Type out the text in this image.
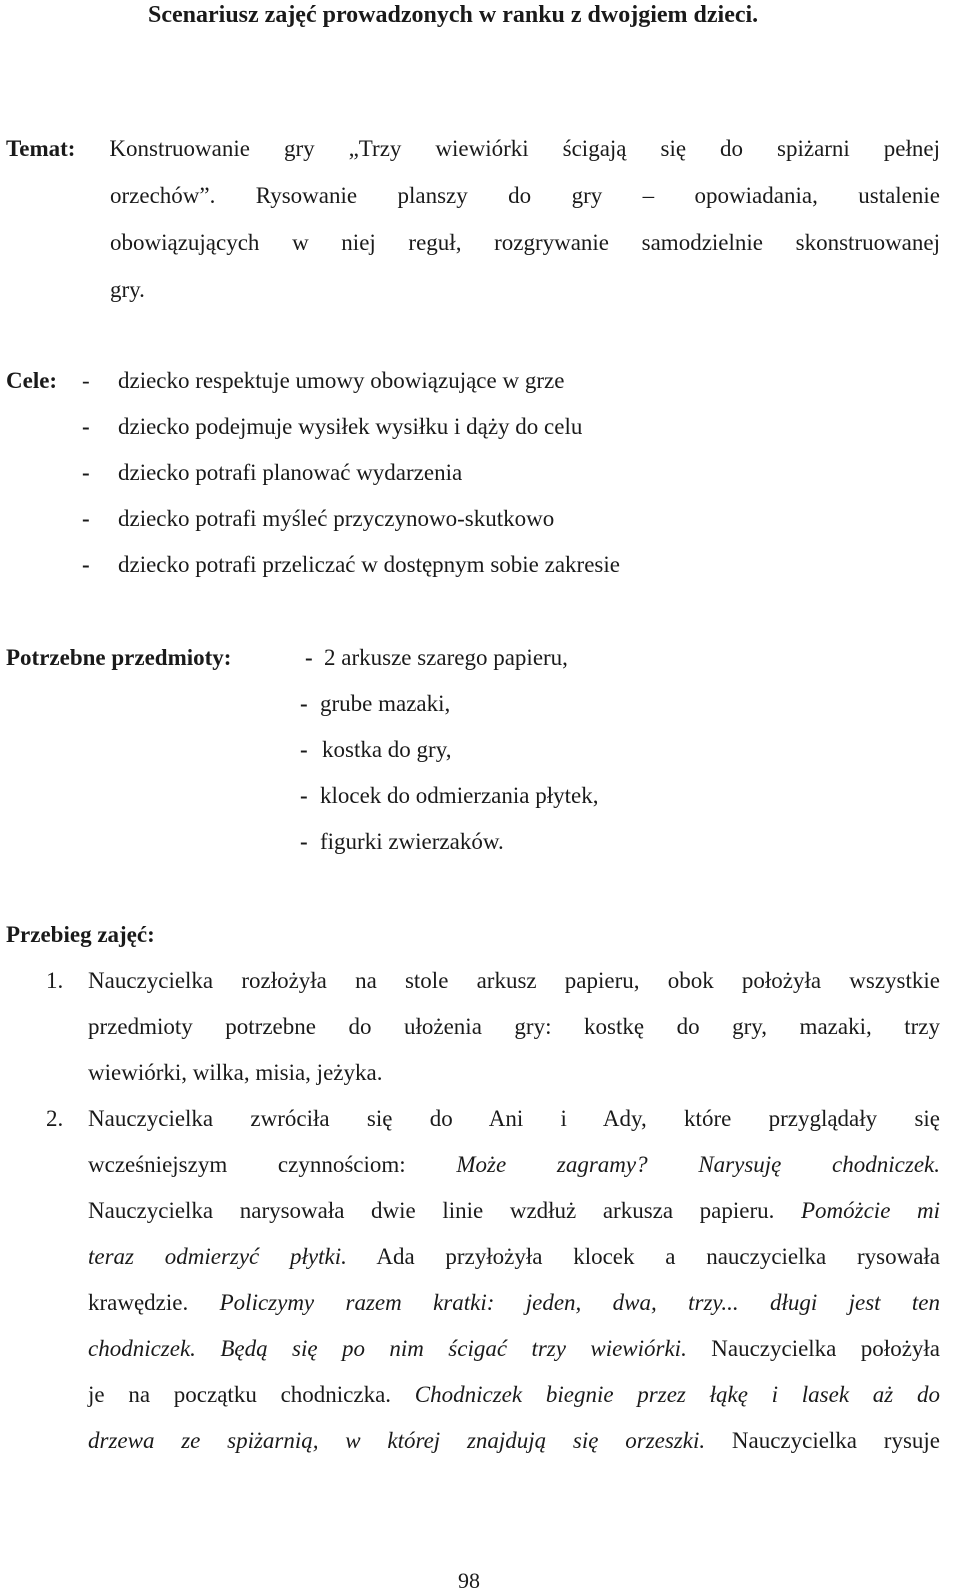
Scenariusz zajęć prowadzonych w ranku z dwojgiem dzieci.
Temat: Konstruowanie gry „Trzy wiewiórki ścigają się do spiżarni pełnej
orzechów”. Rysowanie planszy do gry – opowiadania, ustalenie
obowiązujących w niej reguł, rozgrywanie samodzielnie skonstruowanej
gry.
Cele: - dziecko respektuje umowy obowiązujące w grze
- dziecko podejmuje wysiłek wysiłku i dąży do celu
- dziecko potrafi planować wydarzenia
- dziecko potrafi myśleć przyczynowo-skutkowo
- dziecko potrafi przeliczać w dostępnym sobie zakresie
Potrzebne przedmioty:	- 2 arkusze szarego papieru,
- grube mazaki,
- kostka do gry,
- klocek do odmierzania płytek,
- figurki zwierzaków.
Przebieg zajęć:
1. Nauczycielka rozłożyła na stole arkusz papieru, obok położyła wszystkie
przedmioty potrzebne do ułożenia gry: kostkę do gry, mazaki, trzy
wiewiórki, wilka, misia, jeżyka.
2. Nauczycielka zwróciła się do Ani i Ady, które przyglądały się
wcześniejszym czynnościom: Może zagramy? Narysuję chodniczek.
Nauczycielka narysowała dwie linie wzdłuż arkusza papieru. Pomóżcie mi
teraz odmierzyć płytki. Ada przyłożyła klocek a nauczycielka rysowała
krawędzie. Policzymy razem kratki: jeden, dwa, trzy... długi jest ten
chodniczek. Będą się po nim ścigać trzy wiewiórki. Nauczycielka położyła
je na początku chodniczka. Chodniczek biegnie przez łąkę i lasek aż do
drzewa ze spiżarnią, w której znajdują się orzeszki. Nauczycielka rysuje
98
